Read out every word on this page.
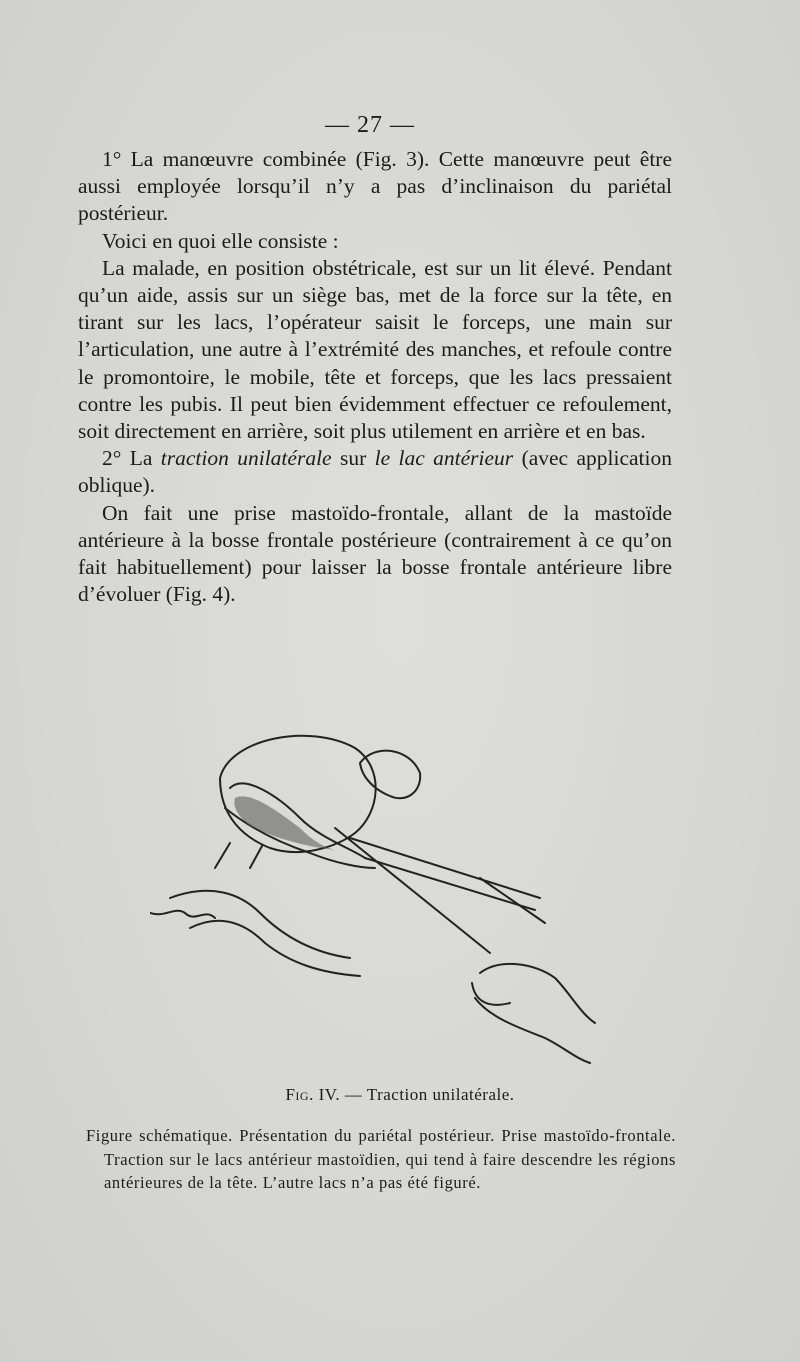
— 27 —

1° La manœuvre combinée (Fig. 3). Cette manœuvre peut être aussi employée lorsqu’il n’y a pas d’inclinaison du pariétal postérieur.

Voici en quoi elle consiste :

La malade, en position obstétricale, est sur un lit élevé. Pendant qu’un aide, assis sur un siège bas, met de la force sur la tête, en tirant sur les lacs, l’opérateur saisit le forceps, une main sur l’articulation, une autre à l’extrémité des manches, et refoule contre le promontoire, le mobile, tête et forceps, que les lacs pressaient contre les pubis. Il peut bien évidemment effectuer ce refoulement, soit directement en arrière, soit plus utilement en arrière et en bas.

2° La traction unilatérale sur le lac antérieur (avec application oblique).

On fait une prise mastoïdo-frontale, allant de la mastoïde antérieure à la bosse frontale postérieure (contrairement à ce qu’on fait habituellement) pour laisser la bosse frontale antérieure libre d’évoluer (Fig. 4).

Fig. IV. — Traction unilatérale.

Figure schématique. Présentation du pariétal postérieur. Prise mastoïdo-frontale. Traction sur le lacs antérieur mastoïdien, qui tend à faire descendre les régions antérieures de la tête. L’autre lacs n’a pas été figuré.
